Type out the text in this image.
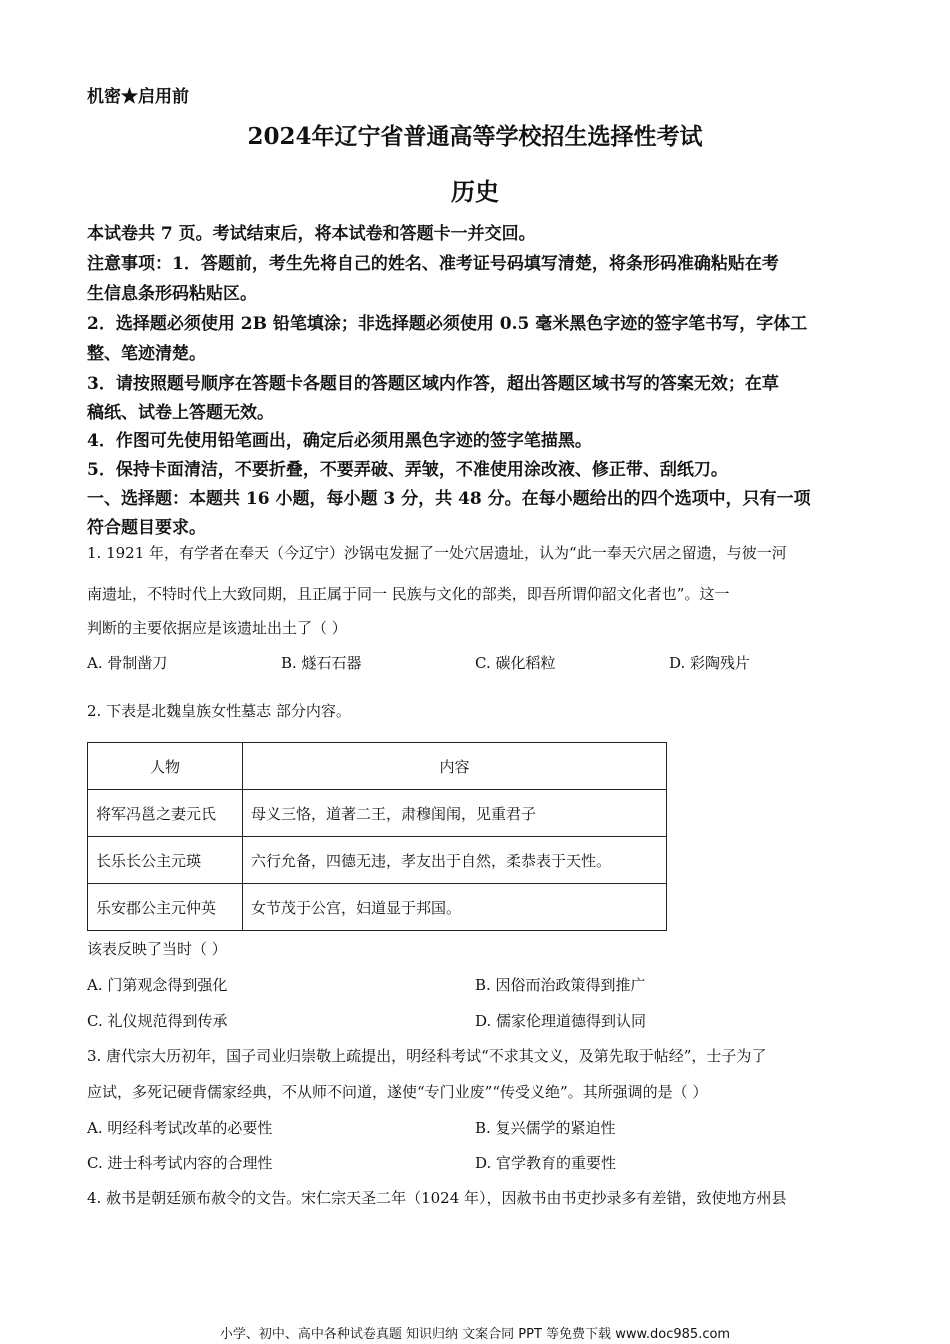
机密★启用前
2024年辽宁省普通高等学校招生选择性考试
历史
本试卷共 7 页。考试结束后，将本试卷和答题卡一并交回。
注意事项：1．答题前，考生先将自己的姓名、准考证号码填写清楚，将条形码准确粘贴在考
生信息条形码粘贴区。
2．选择题必须使用 2B 铅笔填涂；非选择题必须使用 0.5 毫米黑色字迹的签字笔书写，字体工
整、笔迹清楚。
3．请按照题号顺序在答题卡各题目的答题区域内作答，超出答题区域书写的答案无效；在草
稿纸、试卷上答题无效。
4．作图可先使用铅笔画出，确定后必须用黑色字迹的签字笔描黑。
5．保持卡面清洁，不要折叠，不要弄破、弄皱，不准使用涂改液、修正带、刮纸刀。
一、选择题：本题共 16 小题，每小题 3 分，共 48 分。在每小题给出的四个选项中，只有一项
符合题目要求。
1. 1921 年，有学者在奉天（今辽宁）沙锅屯发掘了一处穴居遗址，认为“此一奉天穴居之留遗，与彼一河
南遗址，不特时代上大致同期，且正属于同一 民族与文化的部类，即吾所谓仰韶文化者也”。这一
判断的主要依据应是该遗址出土了（ ）
A. 骨制凿刀	B. 燧石石器	C. 碳化稻粒	D. 彩陶残片
2. 下表是北魏皇族女性墓志 部分内容。
人物	内容
将军冯邕之妻元氏	母义三恪，道著二王，肃穆闺闱，见重君子
长乐长公主元瑛	六行允备，四德无违，孝友出于自然，柔恭表于天性。
乐安郡公主元仲英	女节茂于公宫，妇道显于邦国。
该表反映了当时（ ）
A. 门第观念得到强化	B. 因俗而治政策得到推广
C. 礼仪规范得到传承	D. 儒家伦理道德得到认同
3. 唐代宗大历初年，国子司业归崇敬上疏提出，明经科考试“不求其文义，及第先取于帖经”，士子为了
应试，多死记硬背儒家经典，不从师不问道，遂使“专门业废”“传受义绝”。其所强调的是（ ）
A. 明经科考试改革的必要性	B. 复兴儒学的紧迫性
C. 进士科考试内容的合理性	D. 官学教育的重要性
4. 赦书是朝廷颁布赦令的文告。宋仁宗天圣二年（1024 年），因赦书由书吏抄录多有差错，致使地方州县
小学、初中、高中各种试卷真题 知识归纳 文案合同 PPT 等免费下载 www.doc985.com
